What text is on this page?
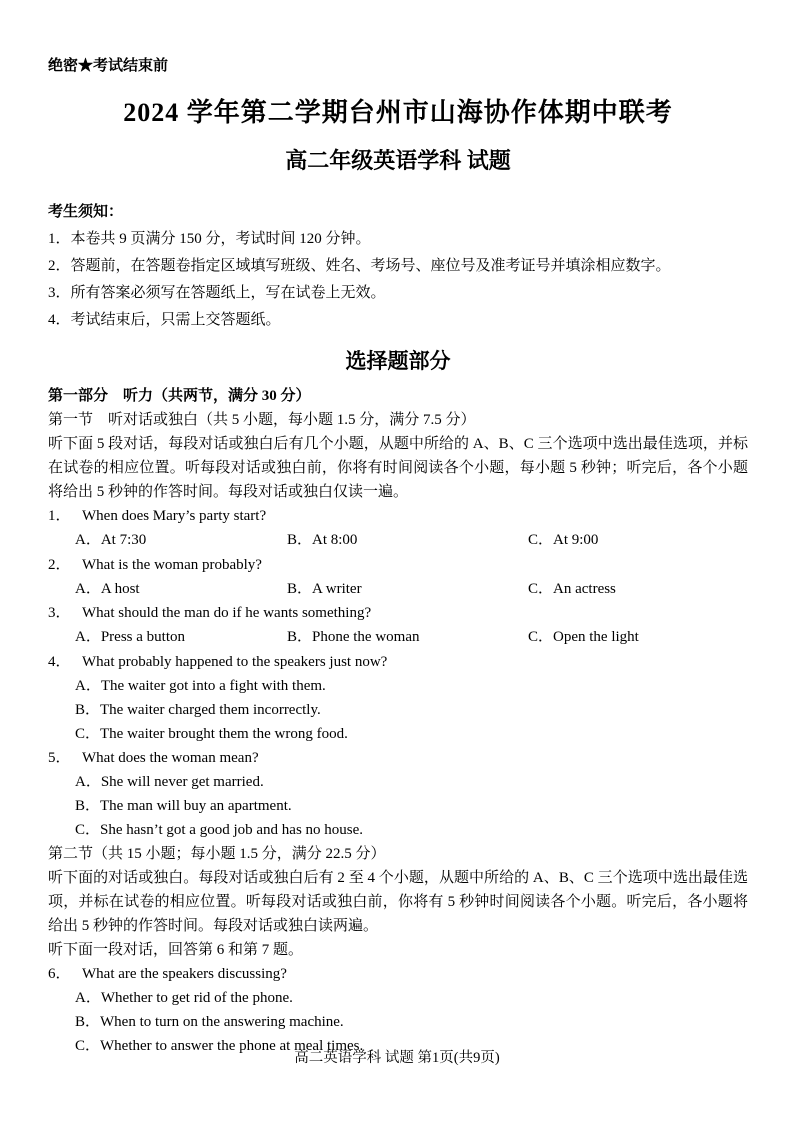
绝密★考试结束前
2024 学年第二学期台州市山海协作体期中联考
高二年级英语学科 试题
考生须知：
1．本卷共 9 页满分 150 分，考试时间 120 分钟。
2．答题前，在答题卷指定区域填写班级、姓名、考场号、座位号及准考证号并填涂相应数字。
3．所有答案必须写在答题纸上，写在试卷上无效。
4．考试结束后，只需上交答题纸。
选择题部分
第一部分　听力（共两节，满分 30 分）
第一节　听对话或独白（共 5 小题，每小题 1.5 分，满分 7.5 分）
听下面 5 段对话，每段对话或独白后有几个小题，从题中所给的 A、B、C 三个选项中选出最佳选项，并标在试卷的相应位置。听每段对话或独白前，你将有时间阅读各个小题，每小题 5 秒钟；听完后，各个小题将给出 5 秒钟的作答时间。每段对话或独白仅读一遍。
1． When does Mary’s party start?
A．At 7:30	B．At 8:00	C．At 9:00
2． What is the woman probably?
A．A host	B．A writer	C．An actress
3． What should the man do if he wants something?
A．Press a button	B．Phone the woman	C．Open the light
4． What probably happened to the speakers just now?
A．The waiter got into a fight with them.
B．The waiter charged them incorrectly.
C．The waiter brought them the wrong food.
5． What does the woman mean?
A．She will never get married.
B．The man will buy an apartment.
C．She hasn’t got a good job and has no house.
第二节（共 15 小题；每小题 1.5 分，满分 22.5 分）
听下面的对话或独白。每段对话或独白后有 2 至 4 个小题，从题中所给的 A、B、C 三个选项中选出最佳选项，并标在试卷的相应位置。听每段对话或独白前，你将有 5 秒钟时间阅读各个小题。听完后，各小题将给出 5 秒钟的作答时间。每段对话或独白读两遍。
听下面一段对话，回答第 6 和第 7 题。
6． What are the speakers discussing?
A．Whether to get rid of the phone.
B．When to turn on the answering machine.
C．Whether to answer the phone at meal times.
高二英语学科 试题 第1页(共9页)
